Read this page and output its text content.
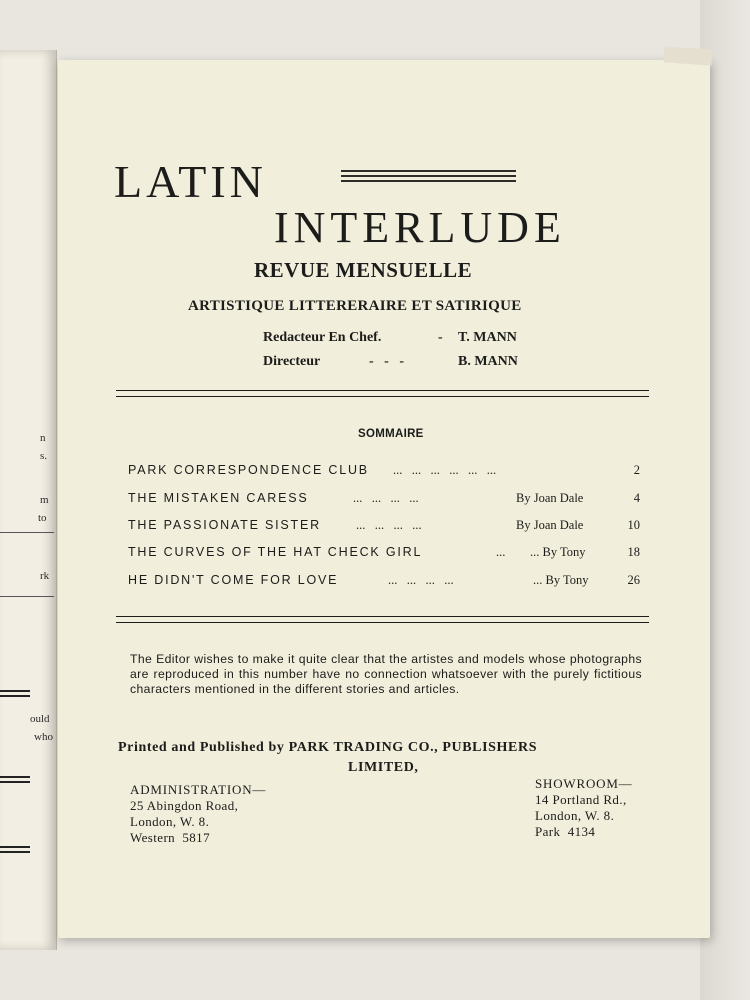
n
s.
m
to
rk
ould
who
LATIN
INTERLUDE
REVUE MENSUELLE
ARTISTIQUE LITTERERAIRE ET SATIRIQUE
Redacteur En Chef.	- T. MANN
Directeur	-   -   -	B. MANN
SOMMAIRE
PARK CORRESPONDENCE CLUB ...   ...   ...   ...   ...   ...	2
THE MISTAKEN CARESS	...   ...   ...   ...	By Joan Dale	4
THE PASSIONATE SISTER	...   ...   ...   ...	By Joan Dale	10
THE CURVES OF THE HAT CHECK GIRL	... ... By Tony	18
HE DIDN'T COME FOR LOVE	...   ...   ...   ...	... By Tony	26
The Editor wishes to make it quite clear that the artistes and models whose photographs are reproduced in this number have no connection whatsoever with the purely fictitious characters mentioned in the different stories and articles.
Printed and Published by PARK TRADING CO., PUBLISHERS
LIMITED,
ADMINISTRATION—
25 Abingdon Road,
London, W. 8.
Western  5817
SHOWROOM—
14 Portland Rd.,
London, W. 8.
Park  4134
